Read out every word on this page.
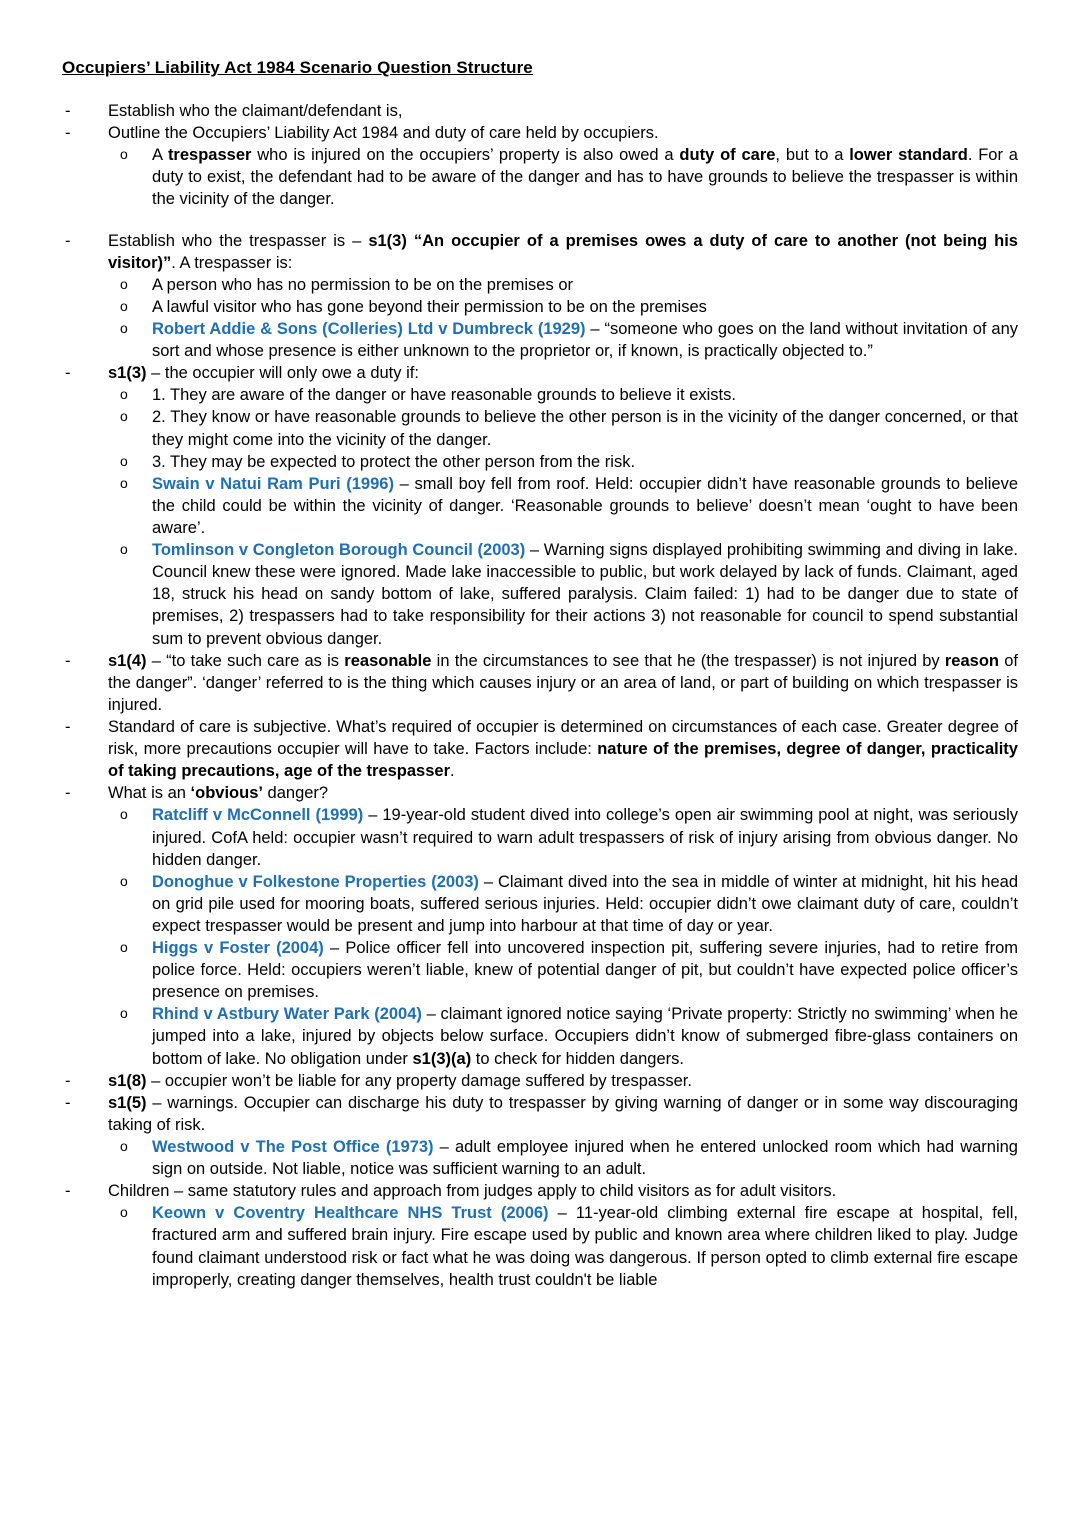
Occupiers’ Liability Act 1984 Scenario Question Structure
- Establish who the claimant/defendant is,
- Outline the Occupiers’ Liability Act 1984 and duty of care held by occupiers.
o A trespasser who is injured on the occupiers’ property is also owed a duty of care, but to a lower standard. For a duty to exist, the defendant had to be aware of the danger and has to have grounds to believe the trespasser is within the vicinity of the danger.
- Establish who the trespasser is – s1(3) “An occupier of a premises owes a duty of care to another (not being his visitor)”. A trespasser is:
o A person who has no permission to be on the premises or
o A lawful visitor who has gone beyond their permission to be on the premises
o Robert Addie & Sons (Colleries) Ltd v Dumbreck (1929) – “someone who goes on the land without invitation of any sort and whose presence is either unknown to the proprietor or, if known, is practically objected to.”
- s1(3) – the occupier will only owe a duty if:
o 1. They are aware of the danger or have reasonable grounds to believe it exists.
o 2. They know or have reasonable grounds to believe the other person is in the vicinity of the danger concerned, or that they might come into the vicinity of the danger.
o 3. They may be expected to protect the other person from the risk.
o Swain v Natui Ram Puri (1996) – small boy fell from roof. Held: occupier didn’t have reasonable grounds to believe the child could be within the vicinity of danger. ‘Reasonable grounds to believe’ doesn’t mean ‘ought to have been aware’.
o Tomlinson v Congleton Borough Council (2003) – Warning signs displayed prohibiting swimming and diving in lake. Council knew these were ignored. Made lake inaccessible to public, but work delayed by lack of funds. Claimant, aged 18, struck his head on sandy bottom of lake, suffered paralysis. Claim failed: 1) had to be danger due to state of premises, 2) trespassers had to take responsibility for their actions 3) not reasonable for council to spend substantial sum to prevent obvious danger.
- s1(4) – “to take such care as is reasonable in the circumstances to see that he (the trespasser) is not injured by reason of the danger”. ‘danger’ referred to is the thing which causes injury or an area of land, or part of building on which trespasser is injured.
- Standard of care is subjective. What’s required of occupier is determined on circumstances of each case. Greater degree of risk, more precautions occupier will have to take. Factors include: nature of the premises, degree of danger, practicality of taking precautions, age of the trespasser.
- What is an ‘obvious’ danger?
o Ratcliff v McConnell (1999) – 19-year-old student dived into college’s open air swimming pool at night, was seriously injured. CofA held: occupier wasn’t required to warn adult trespassers of risk of injury arising from obvious danger. No hidden danger.
o Donoghue v Folkestone Properties (2003) – Claimant dived into the sea in middle of winter at midnight, hit his head on grid pile used for mooring boats, suffered serious injuries. Held: occupier didn’t owe claimant duty of care, couldn’t expect trespasser would be present and jump into harbour at that time of day or year.
o Higgs v Foster (2004) – Police officer fell into uncovered inspection pit, suffering severe injuries, had to retire from police force. Held: occupiers weren’t liable, knew of potential danger of pit, but couldn’t have expected police officer’s presence on premises.
o Rhind v Astbury Water Park (2004) – claimant ignored notice saying ‘Private property: Strictly no swimming’ when he jumped into a lake, injured by objects below surface. Occupiers didn’t know of submerged fibre-glass containers on bottom of lake. No obligation under s1(3)(a) to check for hidden dangers.
- s1(8) – occupier won’t be liable for any property damage suffered by trespasser.
- s1(5) – warnings. Occupier can discharge his duty to trespasser by giving warning of danger or in some way discouraging taking of risk.
o Westwood v The Post Office (1973) – adult employee injured when he entered unlocked room which had warning sign on outside. Not liable, notice was sufficient warning to an adult.
- Children – same statutory rules and approach from judges apply to child visitors as for adult visitors.
o Keown v Coventry Healthcare NHS Trust (2006) – 11-year-old climbing external fire escape at hospital, fell, fractured arm and suffered brain injury. Fire escape used by public and known area where children liked to play. Judge found claimant understood risk or fact what he was doing was dangerous. If person opted to climb external fire escape improperly, creating danger themselves, health trust couldn't be liable
